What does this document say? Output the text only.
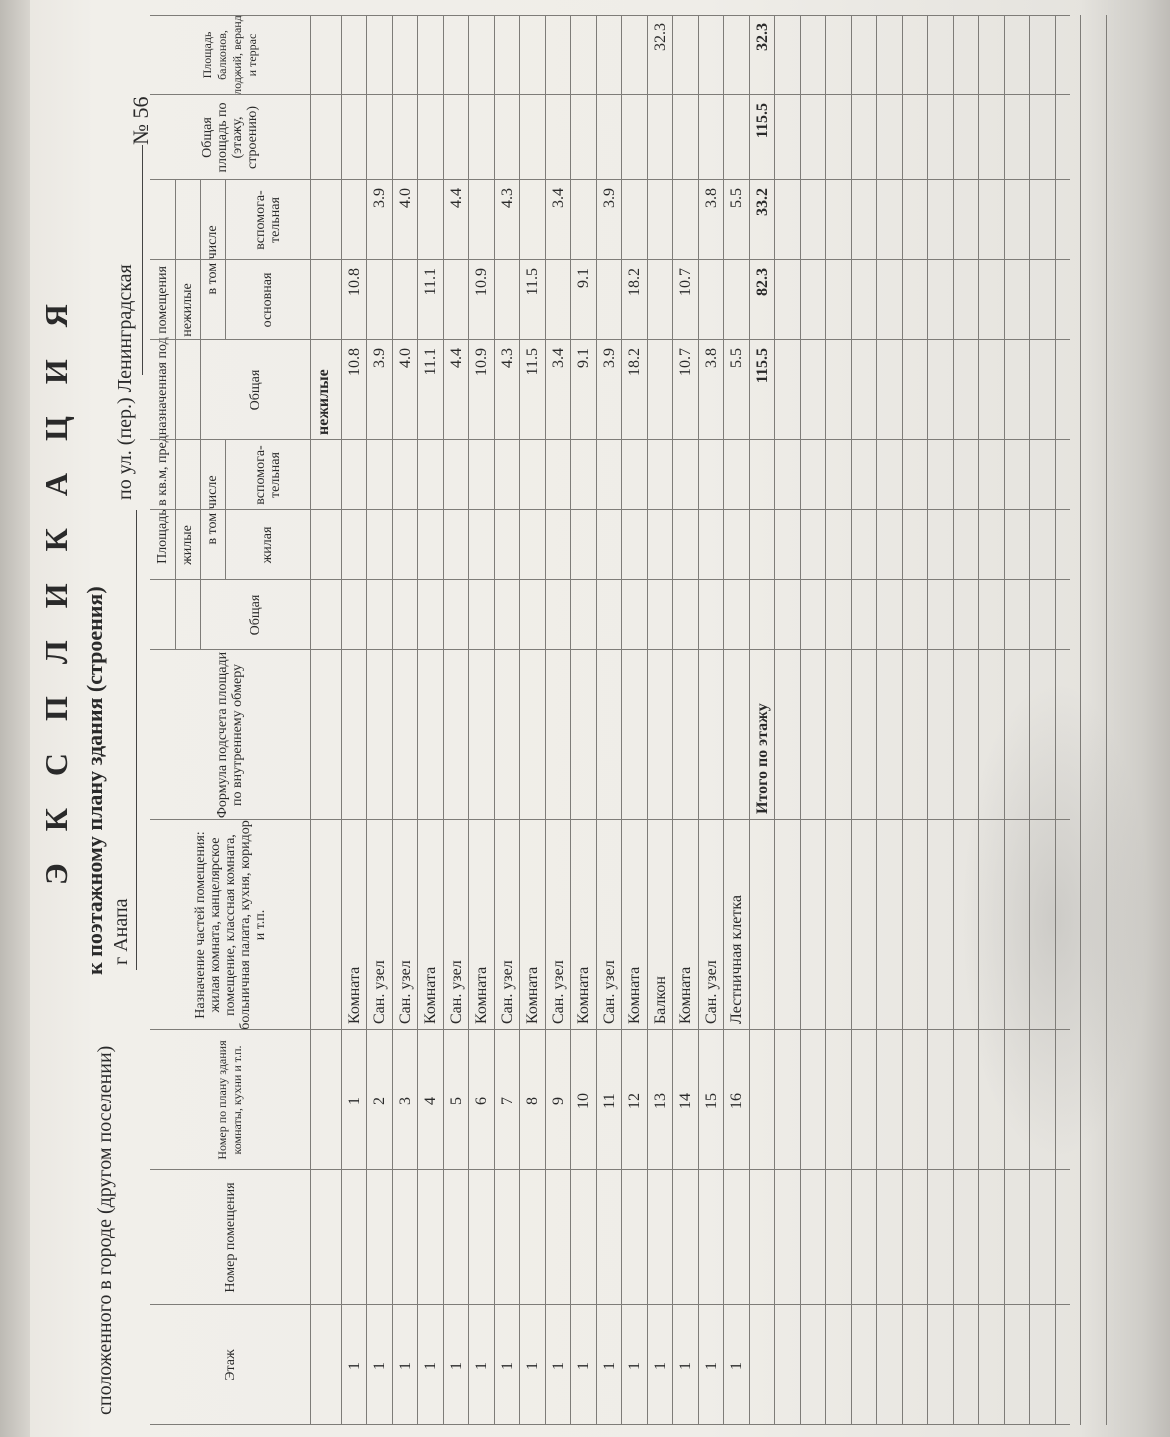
Э К С П Л И К А Ц И Я к поэтажному плану здания (строения)
сположенного в городе (другом поселении)
г Анапа
по ул. (пер.) Ленинградская
№ 56
Этаж
Номер помещения
Номер по плану здания комнаты, кухни и т.п.
Назначение частей помещения: жилая комната, канцелярское помещение, классная комната, больничная палата, кухня, коридор и т.п.
Формула подсчета площади по внутреннему обмеру
Площадь в кв.м, предназначенная под помещения жилые
нежилые
Общая
в том числе
жилая
вспомога-тельная
Общая
в том числе
основная
вспомога-тельная
Общая площадь по (этажу, строению)
Площадь балконов, лоджий, веранд и террас
нежилые
1
1
Комната
10.8
10.8
1
2
Сан. узел
3.9
3.9
1
3
Сан. узел
4.0
4.0
1
4
Комната
11.1
11.1
1
5
Сан. узел
4.4
4.4
1
6
Комната
10.9
10.9
1
7
Сан. узел
4.3
4.3
1
8
Комната
11.5
11.5
1
9
Сан. узел
3.4
3.4
1
10
Комната
9.1
9.1
1
11
Сан. узел
3.9
3.9
1
12
Комната
18.2
18.2
1
13
Балкон
32.3
1
14
Комната
10.7
10.7
1
15
Сан. узел
3.8
3.8
1
16
Лестничная клетка
5.5
5.5
Итого по этажу
115.5
82.3
33.2
115.5
32.3
